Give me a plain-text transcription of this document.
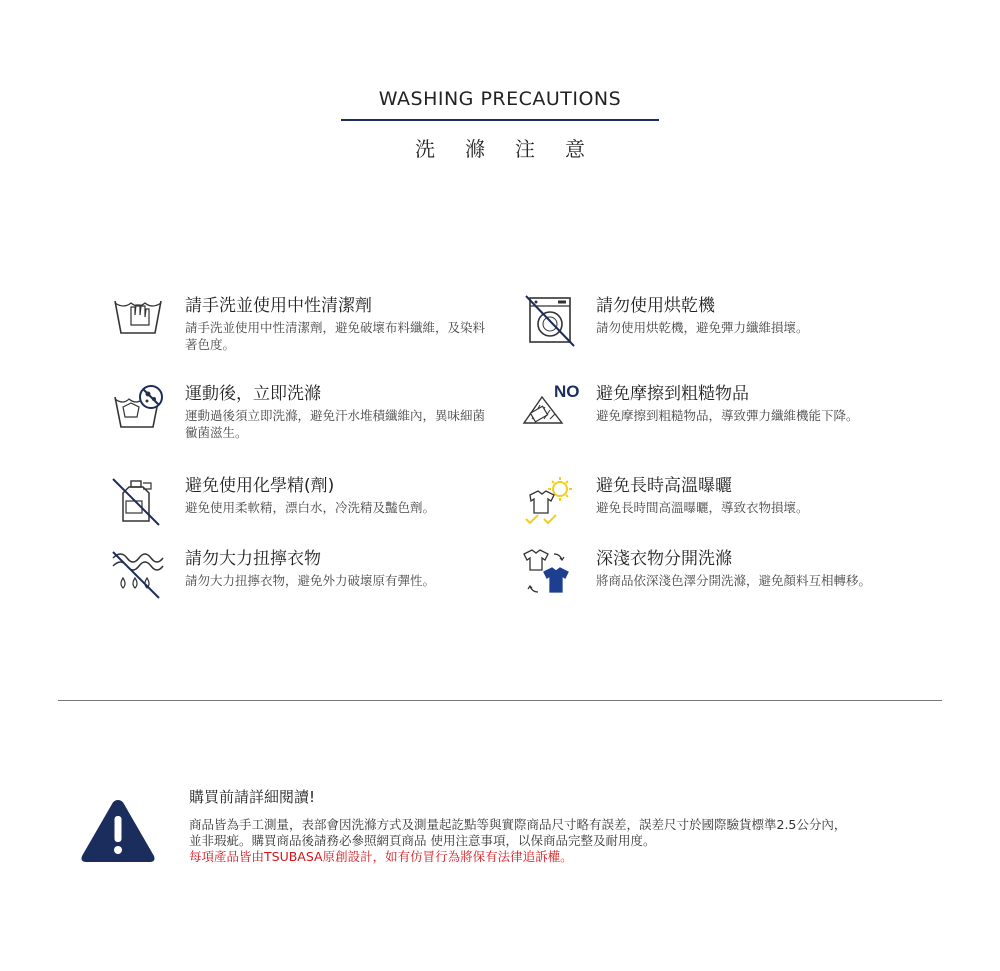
WASHING PRECAUTIONS
洗滌注意
請手洗並使用中性清潔劑
請手洗並使用中性清潔劑，避免破壞布料纖維，及染料著色度。
請勿使用烘乾機
請勿使用烘乾機，避免彈力纖維損壞。
運動後，立即洗滌
運動過後須立即洗滌，避免汗水堆積纖維內，異味細菌黴菌滋生。
NO 避免摩擦到粗糙物品
避免摩擦到粗糙物品，導致彈力纖維機能下降。
避免使用化學精(劑)
避免使用柔軟精，漂白水，冷洗精及豔色劑。
避免長時高溫曝曬
避免長時間高溫曝曬，導致衣物損壞。
請勿大力扭擰衣物
請勿大力扭擰衣物，避免外力破壞原有彈性。
深淺衣物分開洗滌
將商品依深淺色澤分開洗滌，避免顏料互相轉移。
購買前請詳細閱讀!
商品皆為手工測量，表部會因洗滌方式及測量起訖點等與實際商品尺寸略有誤差，誤差尺寸於國際驗貨標準2.5公分內，
並非瑕疵。購買商品後請務必參照網頁商品 使用注意事項，以保商品完整及耐用度。
每項產品皆由TSUBASA原創設計，如有仿冒行為將保有法律追訴權。
